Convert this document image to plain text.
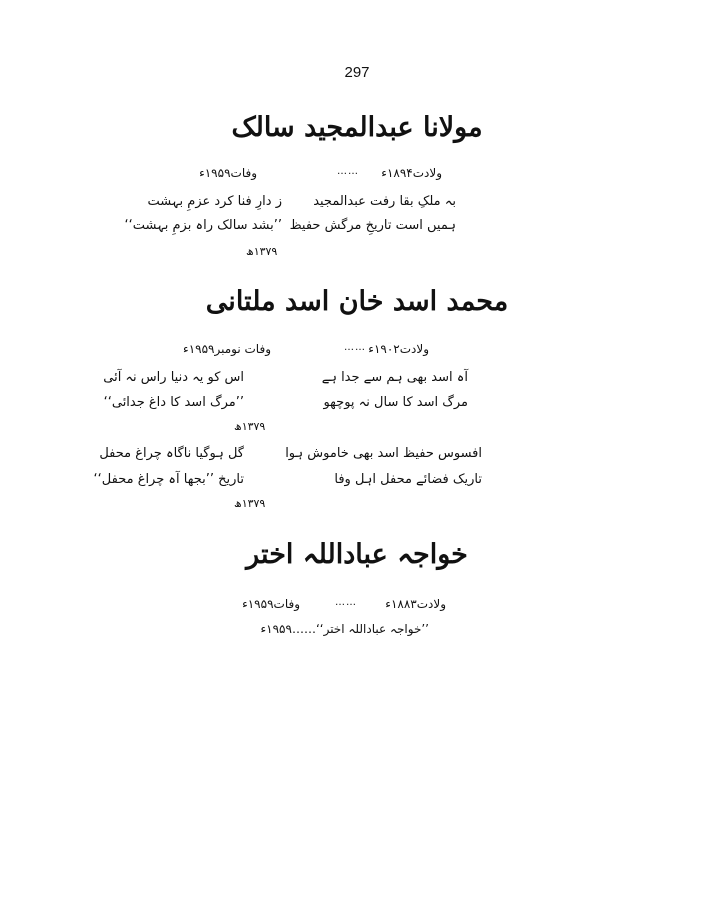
297
مولانا عبدالمجید سالک
ولادت۱۸۹۴ء
……
وفات۱۹۵۹ء
بہ ملکِ بقا رفت عبدالمجید
ز دارِ فنا کرد عزمِ بہشت
ہمیں است تاریخِ مرگش حفیظ
’’بشد سالک راہ بزمِ بہشت‘‘
۱۳۷۹ھ
محمد اسد خان اسد ملتانی
ولادت۱۹۰۲ء
……
وفات نومبر۱۹۵۹ء
آہ اسد بھی ہم سے جدا ہے
اس کو یہ دنیا راس نہ آئی
مرگ اسد کا سال نہ پوچھو
’’مرگ اسد کا داغ جدائی‘‘
۱۳۷۹ھ
افسوس حفیظ اسد بھی خاموش ہوا
گل ہوگیا ناگاہ چراغ محفل
تاریک فضائے محفل اہل وفا
تاریخ ’’بجھا آہ چراغ محفل‘‘
۱۳۷۹ھ
خواجہ عباداللہ اختر
ولادت۱۸۸۳ء
……
وفات۱۹۵۹ء
’’خواجہ عباداللہ اختر‘‘……۱۹۵۹ء
